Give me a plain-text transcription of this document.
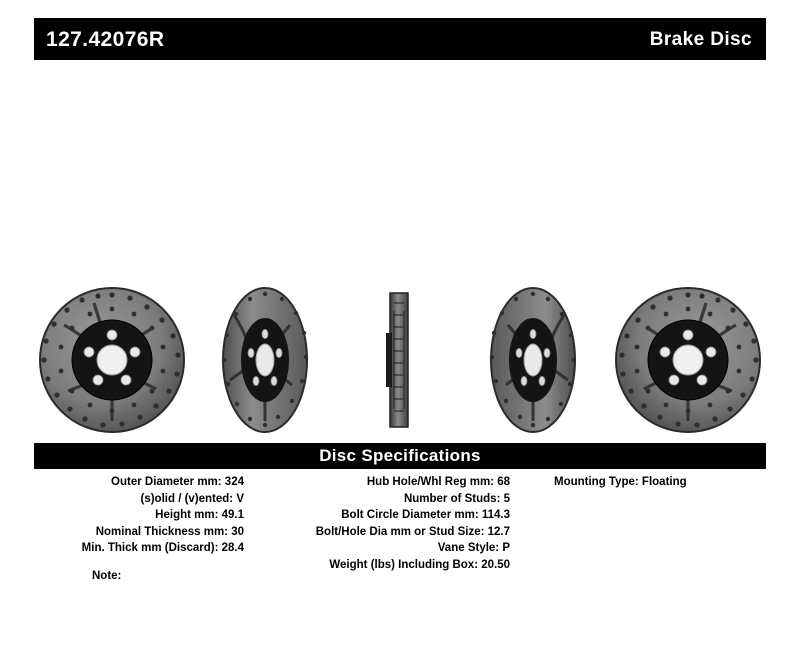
127.42076R	Brake Disc
Disc Specifications
Outer Diameter mm: 324
(s)olid / (v)ented: V
Height mm: 49.1
Nominal Thickness mm: 30
Min. Thick mm (Discard): 28.4
Hub Hole/Whl Reg mm: 68
Number of Studs: 5
Bolt Circle Diameter mm: 114.3
Bolt/Hole Dia mm or Stud Size: 12.7
Vane Style: P
Weight (lbs) Including Box: 20.50
Mounting Type: Floating
Note:
